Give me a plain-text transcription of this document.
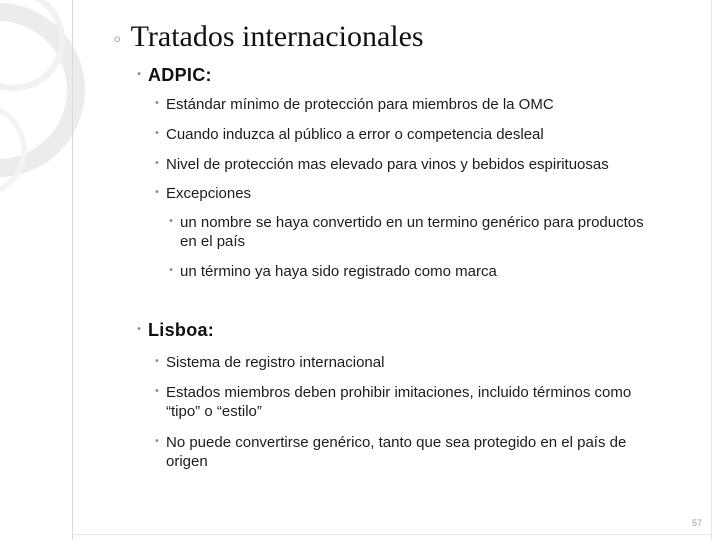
◦ Tratados internacionales
• ADPIC:
• Estándar mínimo de protección para miembros de la OMC
• Cuando induzca al público a error o competencia desleal
• Nivel de protección mas elevado para vinos y bebidos espirituosas
• Excepciones
• un nombre se haya convertido en un termino genérico para productos en el país
• un término ya haya sido registrado como marca
• Lisboa:
• Sistema de registro internacional
• Estados miembros deben prohibir imitaciones, incluido términos como “tipo” o “estilo”
• No puede convertirse genérico, tanto que sea protegido en el país de origen
57
